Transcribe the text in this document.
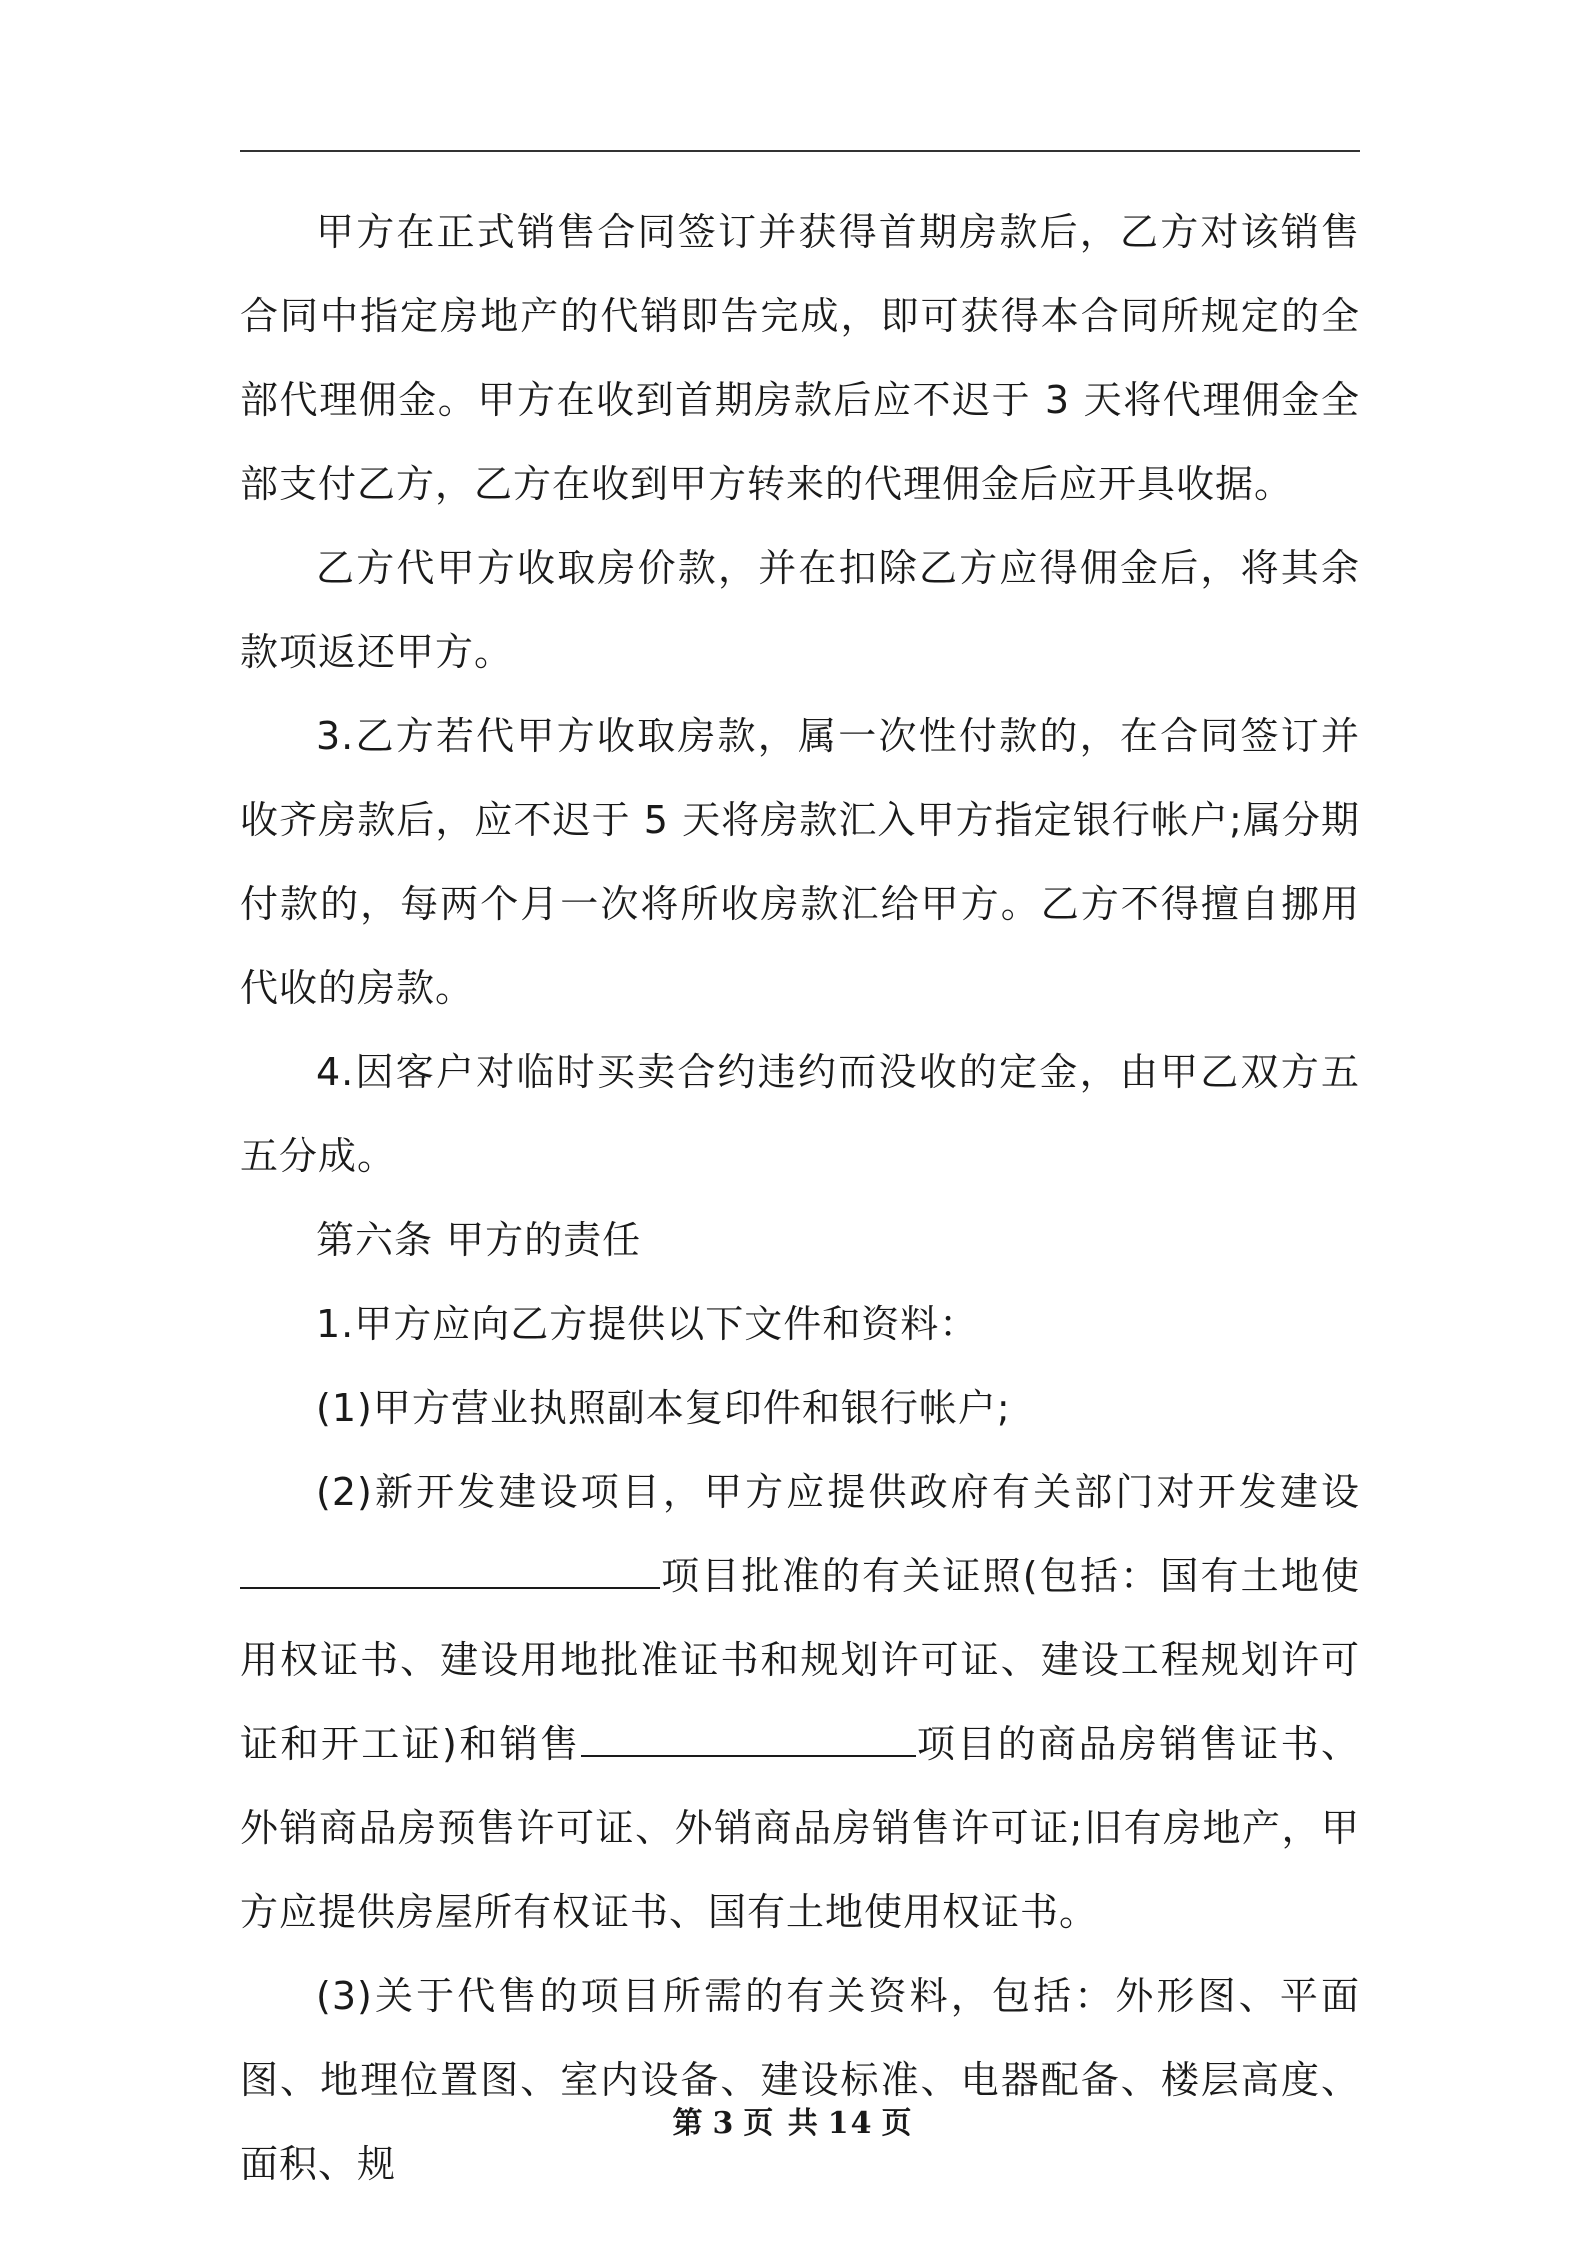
甲方在正式销售合同签订并获得首期房款后，乙方对该销售合同中指定房地产的代销即告完成，即可获得本合同所规定的全部代理佣金。甲方在收到首期房款后应不迟于 3 天将代理佣金全部支付乙方，乙方在收到甲方转来的代理佣金后应开具收据。

乙方代甲方收取房价款，并在扣除乙方应得佣金后，将其余款项返还甲方。

3.乙方若代甲方收取房款，属一次性付款的，在合同签订并收齐房款后，应不迟于 5 天将房款汇入甲方指定银行帐户;属分期付款的，每两个月一次将所收房款汇给甲方。乙方不得擅自挪用代收的房款。

4.因客户对临时买卖合约违约而没收的定金，由甲乙双方五五分成。

第六条 甲方的责任

1.甲方应向乙方提供以下文件和资料：

(1)甲方营业执照副本复印件和银行帐户;

(2)新开发建设项目，甲方应提供政府有关部门对开发建设项目批准的有关证照(包括：国有土地使用权证书、建设用地批准证书和规划许可证、建设工程规划许可证和开工证)和销售	项目的商品房销售证书、外销商品房预售许可证、外销商品房销售许可证;旧有房地产，甲方应提供房屋所有权证书、国有土地使用权证书。

(3)关于代售的项目所需的有关资料，包括：外形图、平面图、地理位置图、室内设备、建设标准、电器配备、楼层高度、面积、规

第 3 页 共 14 页
